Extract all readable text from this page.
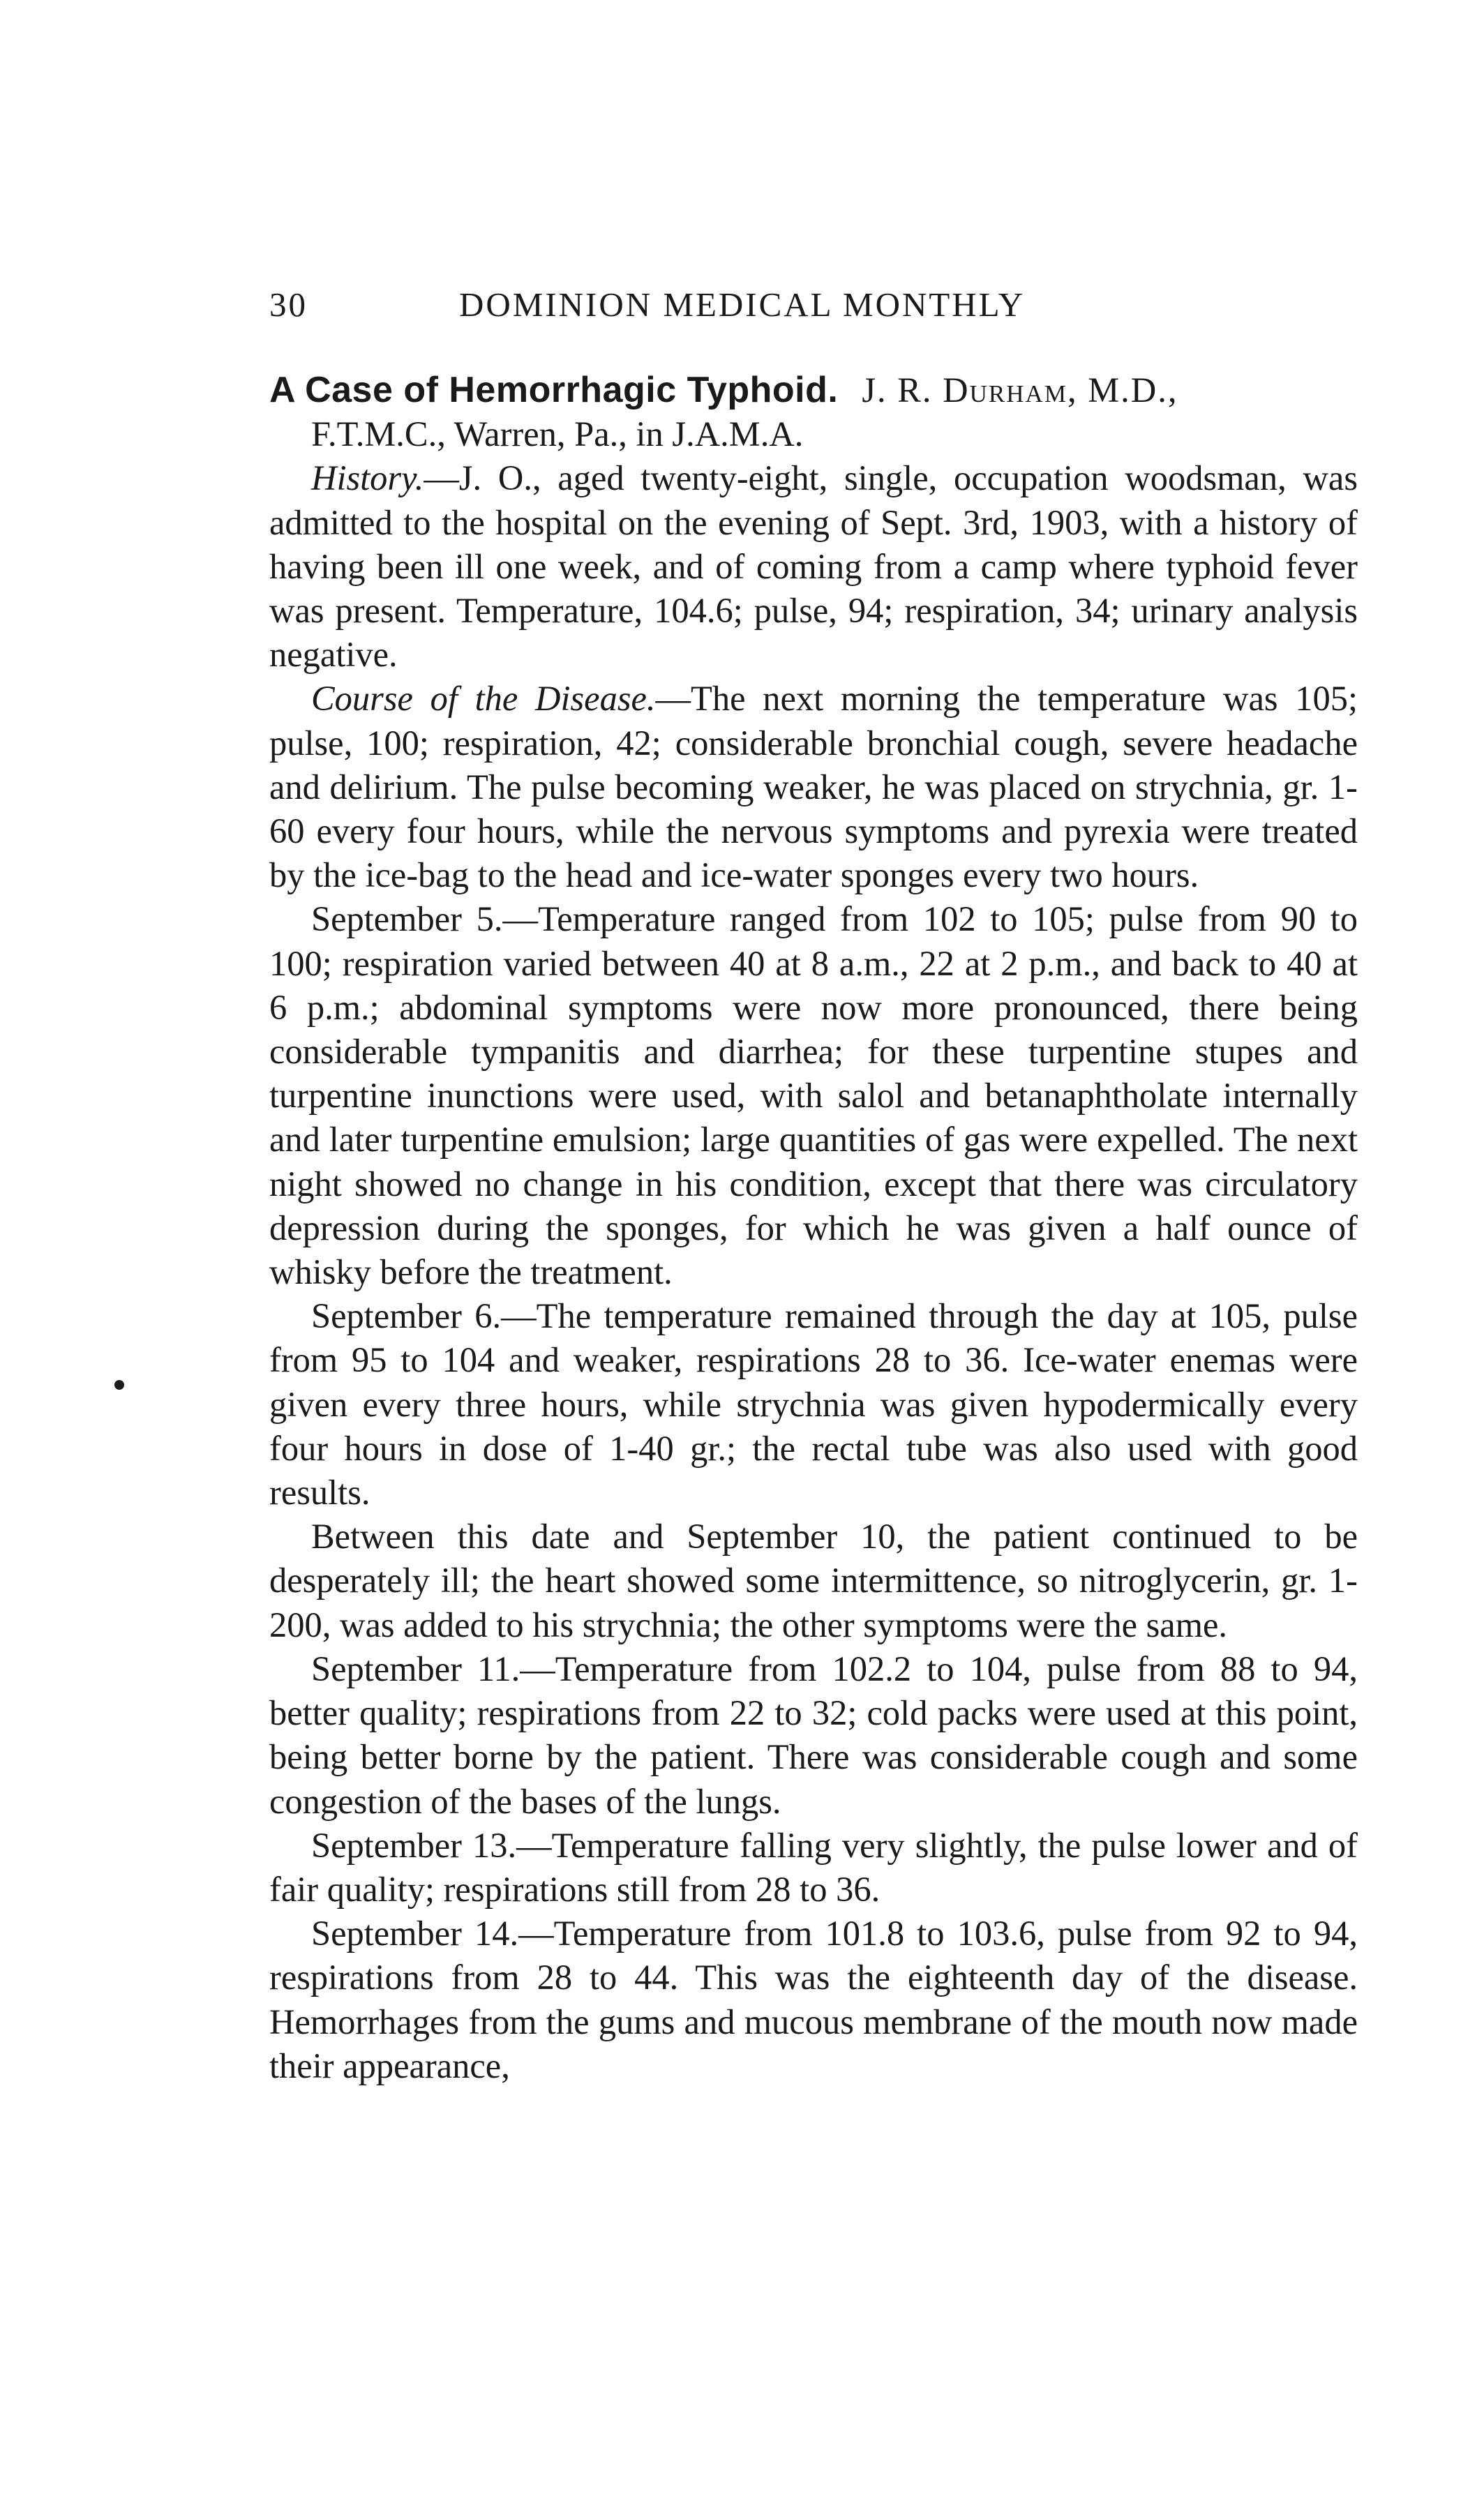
30	DOMINION MEDICAL MONTHLY

A Case of Hemorrhagic Typhoid. J. R. Durham, M.D.,

F.T.M.C., Warren, Pa., in J.A.M.A.

History.—J. O., aged twenty-eight, single, occupation woodsman, was admitted to the hospital on the evening of Sept. 3rd, 1903, with a history of having been ill one week, and of coming from a camp where typhoid fever was present. Temperature, 104.6; pulse, 94; respiration, 34; urinary analysis negative.

Course of the Disease.—The next morning the temperature was 105; pulse, 100; respiration, 42; considerable bronchial cough, severe headache and delirium. The pulse becoming weaker, he was placed on strychnia, gr. 1-60 every four hours, while the nervous symptoms and pyrexia were treated by the ice-bag to the head and ice-water sponges every two hours.

September 5.—Temperature ranged from 102 to 105; pulse from 90 to 100; respiration varied between 40 at 8 a.m., 22 at 2 p.m., and back to 40 at 6 p.m.; abdominal symptoms were now more pronounced, there being considerable tympanitis and diarrhea; for these turpentine stupes and turpentine inunctions were used, with salol and betanaphtholate internally and later turpentine emulsion; large quantities of gas were expelled. The next night showed no change in his condition, except that there was circulatory depression during the sponges, for which he was given a half ounce of whisky before the treatment.

September 6.—The temperature remained through the day at 105, pulse from 95 to 104 and weaker, respirations 28 to 36. Ice-water enemas were given every three hours, while strychnia was given hypodermically every four hours in dose of 1-40 gr.; the rectal tube was also used with good results.

Between this date and September 10, the patient continued to be desperately ill; the heart showed some intermittence, so nitroglycerin, gr. 1-200, was added to his strychnia; the other symptoms were the same.

September 11.—Temperature from 102.2 to 104, pulse from 88 to 94, better quality; respirations from 22 to 32; cold packs were used at this point, being better borne by the patient. There was considerable cough and some congestion of the bases of the lungs.

September 13.—Temperature falling very slightly, the pulse lower and of fair quality; respirations still from 28 to 36.

September 14.—Temperature from 101.8 to 103.6, pulse from 92 to 94, respirations from 28 to 44. This was the eighteenth day of the disease. Hemorrhages from the gums and mucous membrane of the mouth now made their appearance,
